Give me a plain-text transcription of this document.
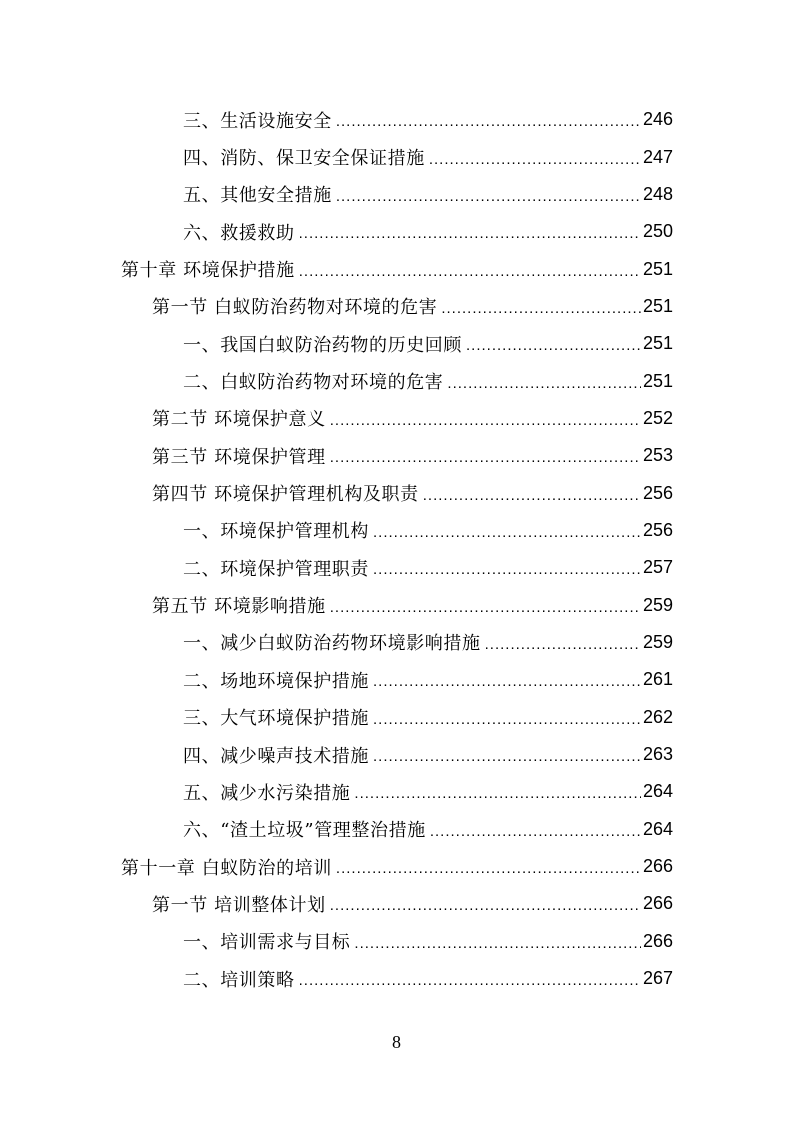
三、生活设施安全 .....	246
四、消防、保卫安全保证措施 .....	247
五、其他安全措施 .....	248
六、救援救助 .....	250
第十章 环境保护措施 .....	251
第一节 白蚁防治药物对环境的危害 .....	251
一、我国白蚁防治药物的历史回顾 .....	251
二、白蚁防治药物对环境的危害 .....	251
第二节 环境保护意义 .....	252
第三节 环境保护管理 .....	253
第四节 环境保护管理机构及职责 .....	256
一、环境保护管理机构 .....	256
二、环境保护管理职责 .....	257
第五节 环境影响措施 .....	259
一、减少白蚁防治药物环境影响措施 .....	259
二、场地环境保护措施 .....	261
三、大气环境保护措施 .....	262
四、减少噪声技术措施 .....	263
五、减少水污染措施 .....	264
六、“渣土垃圾”管理整治措施 .....	264
第十一章 白蚁防治的培训 .....	266
第一节 培训整体计划 .....	266
一、培训需求与目标 .....	266
二、培训策略 .....	267
8
